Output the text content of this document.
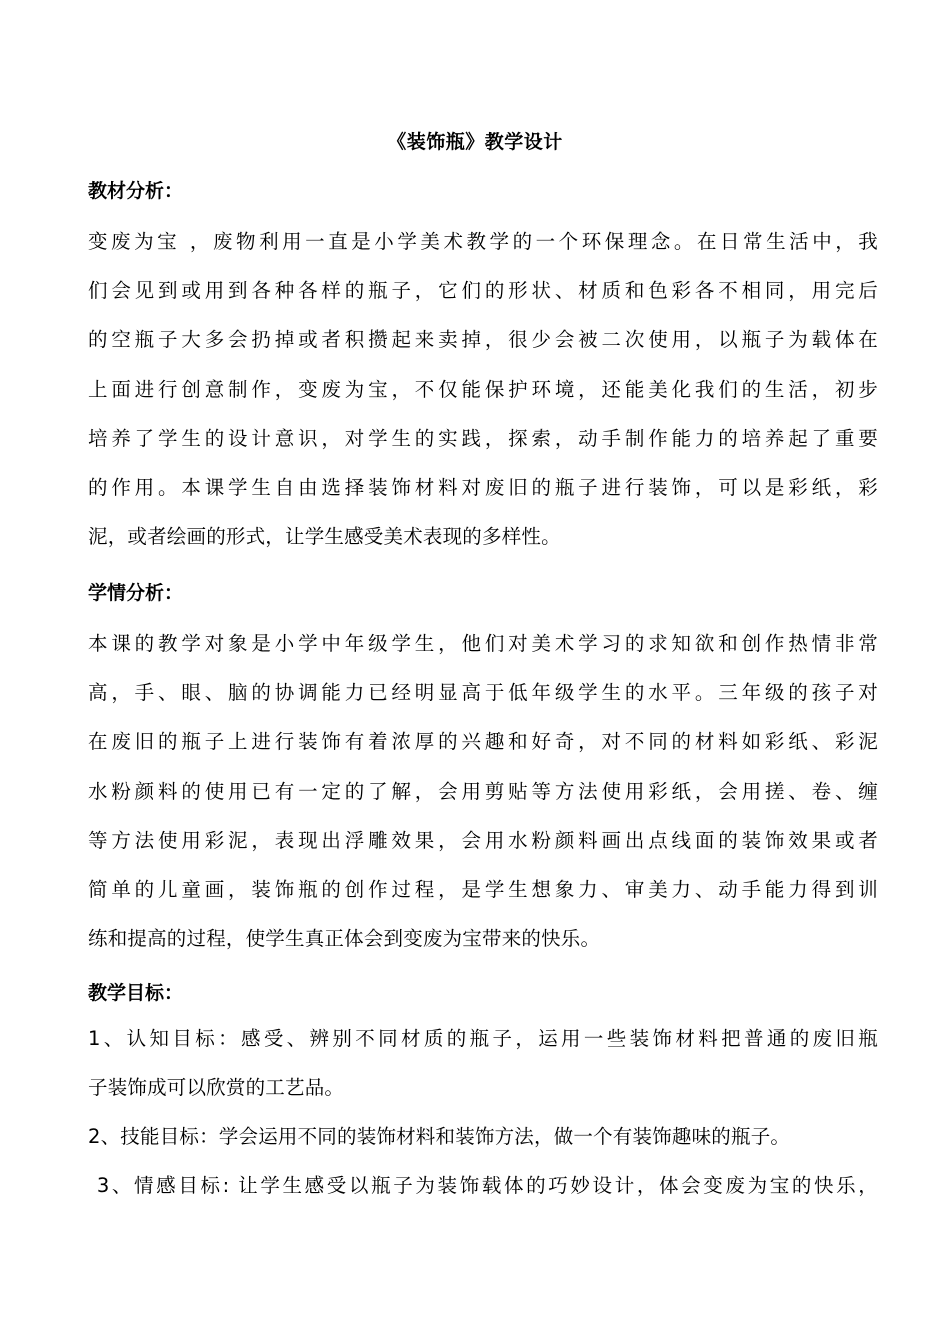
《装饰瓶》教学设计
教材分析：
变废为宝 ，废物利用一直是小学美术教学的一个环保理念。在日常生活中，我
们会见到或用到各种各样的瓶子，它们的形状、材质和色彩各不相同，用完后
的空瓶子大多会扔掉或者积攒起来卖掉，很少会被二次使用，以瓶子为载体在
上面进行创意制作，变废为宝，不仅能保护环境，还能美化我们的生活，初步
培养了学生的设计意识，对学生的实践，探索，动手制作能力的培养起了重要
的作用。本课学生自由选择装饰材料对废旧的瓶子进行装饰，可以是彩纸，彩
泥，或者绘画的形式，让学生感受美术表现的多样性。
学情分析：
本课的教学对象是小学中年级学生，他们对美术学习的求知欲和创作热情非常
高，手、眼、脑的协调能力已经明显高于低年级学生的水平。三年级的孩子对
在废旧的瓶子上进行装饰有着浓厚的兴趣和好奇，对不同的材料如彩纸、彩泥
水粉颜料的使用已有一定的了解，会用剪贴等方法使用彩纸，会用搓、卷、缠
等方法使用彩泥，表现出浮雕效果，会用水粉颜料画出点线面的装饰效果或者
简单的儿童画，装饰瓶的创作过程，是学生想象力、审美力、动手能力得到训
练和提高的过程，使学生真正体会到变废为宝带来的快乐。
教学目标：
1、认知目标：感受、辨别不同材质的瓶子，运用一些装饰材料把普通的废旧瓶
子装饰成可以欣赏的工艺品。
2、技能目标：学会运用不同的装饰材料和装饰方法，做一个有装饰趣味的瓶子。
3、情感目标: 让学生感受以瓶子为装饰载体的巧妙设计，体会变废为宝的快乐，
